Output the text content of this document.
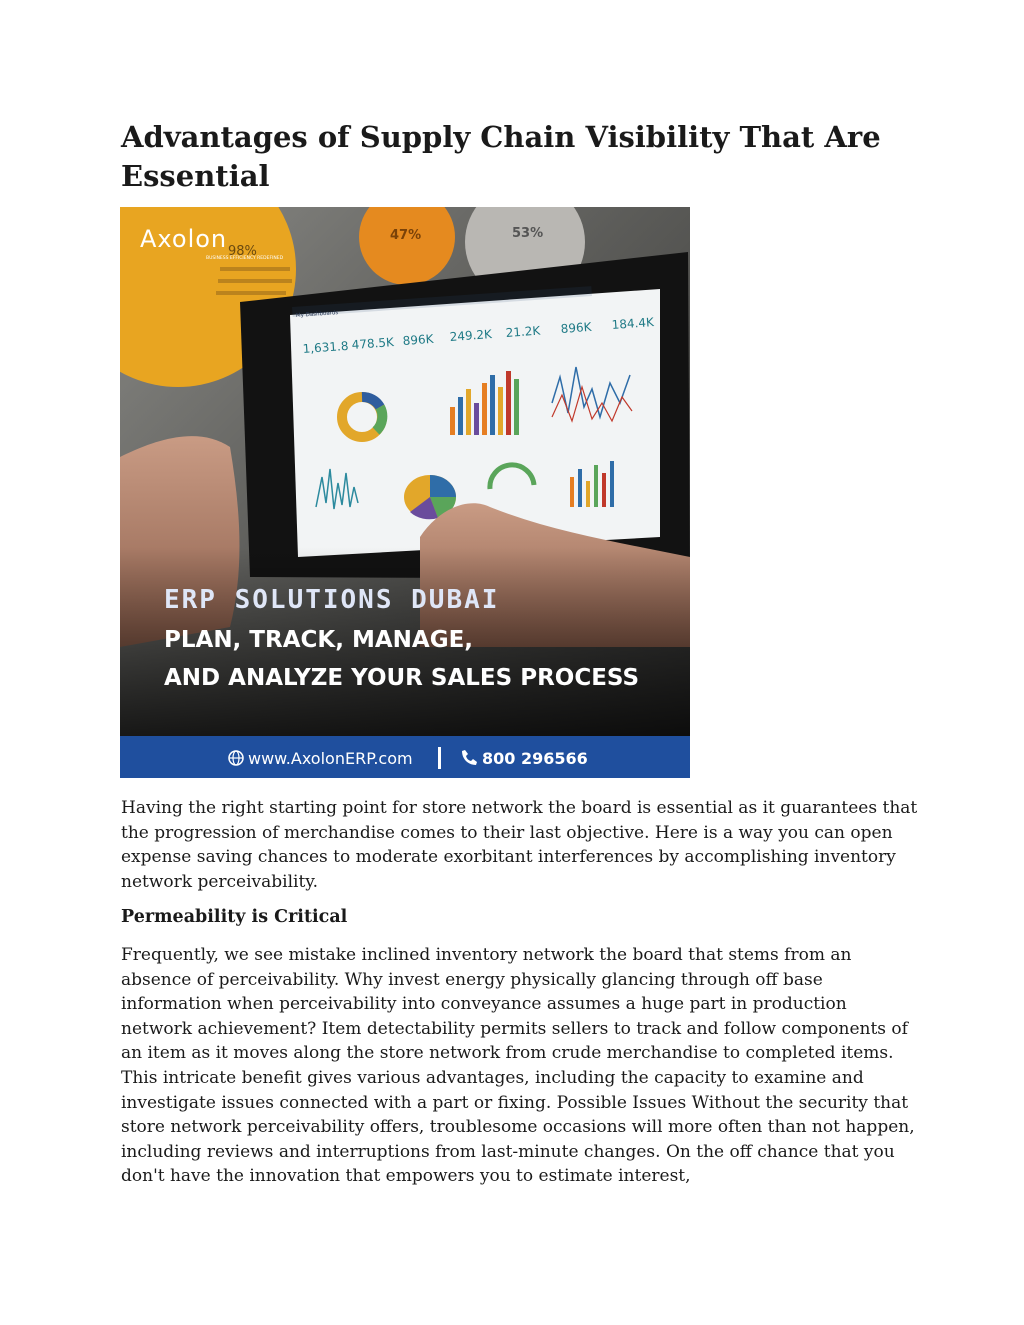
Advantages of Supply Chain Visibility That Are Essential
98%
47%	53%
Axolon
BUSINESS EFFICIENCY REDEFINED
My Dashboards
1,631.8 478.5K 896K 249.2K 21.2K 896K 184.4K
ERP SOLUTIONS DUBAI
PLAN, TRACK, MANAGE,
AND ANALYZE YOUR SALES PROCESS
www.AxolonERP.com	800 296566

Having the right starting point for store network the board is essential as it guarantees that the progression of merchandise comes to their last objective. Here is a way you can open expense saving chances to moderate exorbitant interferences by accomplishing inventory network perceivability.

Permeability is Critical

Frequently, we see mistake inclined inventory network the board that stems from an absence of perceivability. Why invest energy physically glancing through off base information when perceivability into conveyance assumes a huge part in production network achievement? Item detectability permits sellers to track and follow components of an item as it moves along the store network from crude merchandise to completed items. This intricate benefit gives various advantages, including the capacity to examine and investigate issues connected with a part or fixing. Possible Issues Without the security that store network perceivability offers, troublesome occasions will more often than not happen, including reviews and interruptions from last-minute changes. On the off chance that you don't have the innovation that empowers you to estimate interest,
